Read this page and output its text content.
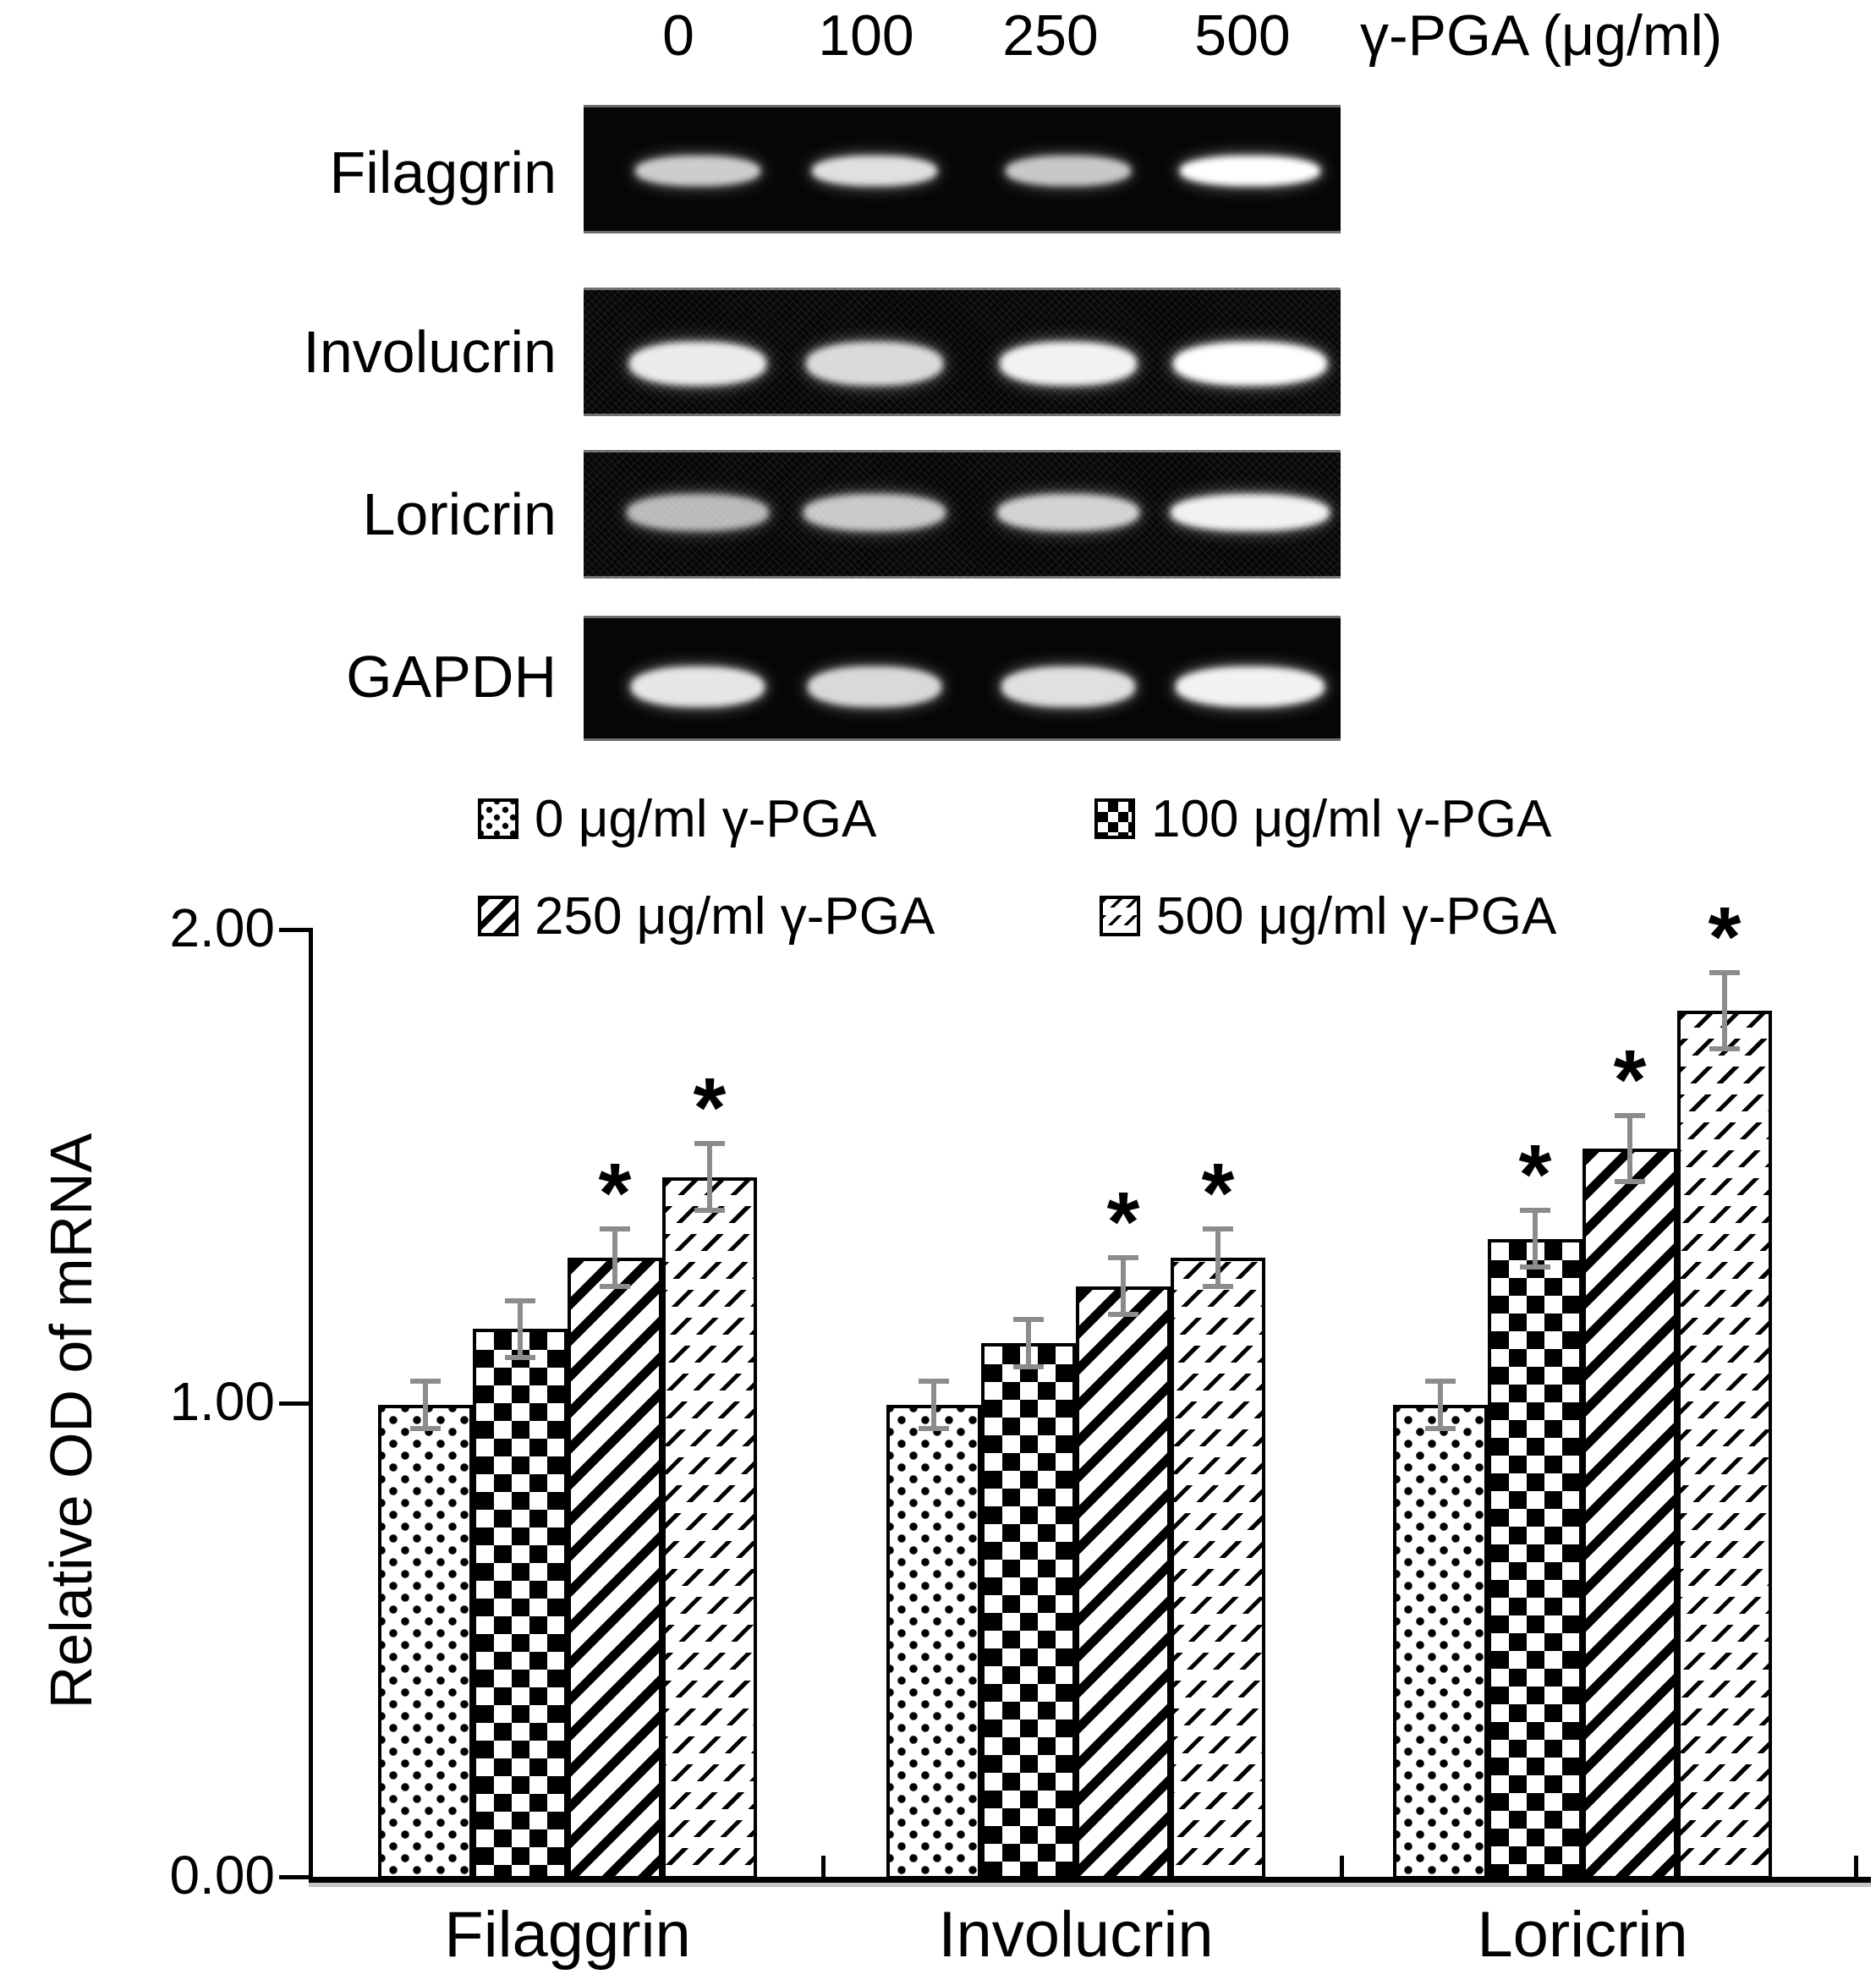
0	100	250	500	γ-PGA (μg/ml)
Filaggrin
Involucrin
Loricrin
GAPDH
0 μg/ml γ-PGA	100 μg/ml γ-PGA
250 μg/ml γ-PGA	500 μg/ml γ-PGA
2.00
1.00
0.00
Relative OD of mRNA
Filaggrin	Involucrin	Loricrin
*
*
* *	*
*
*
